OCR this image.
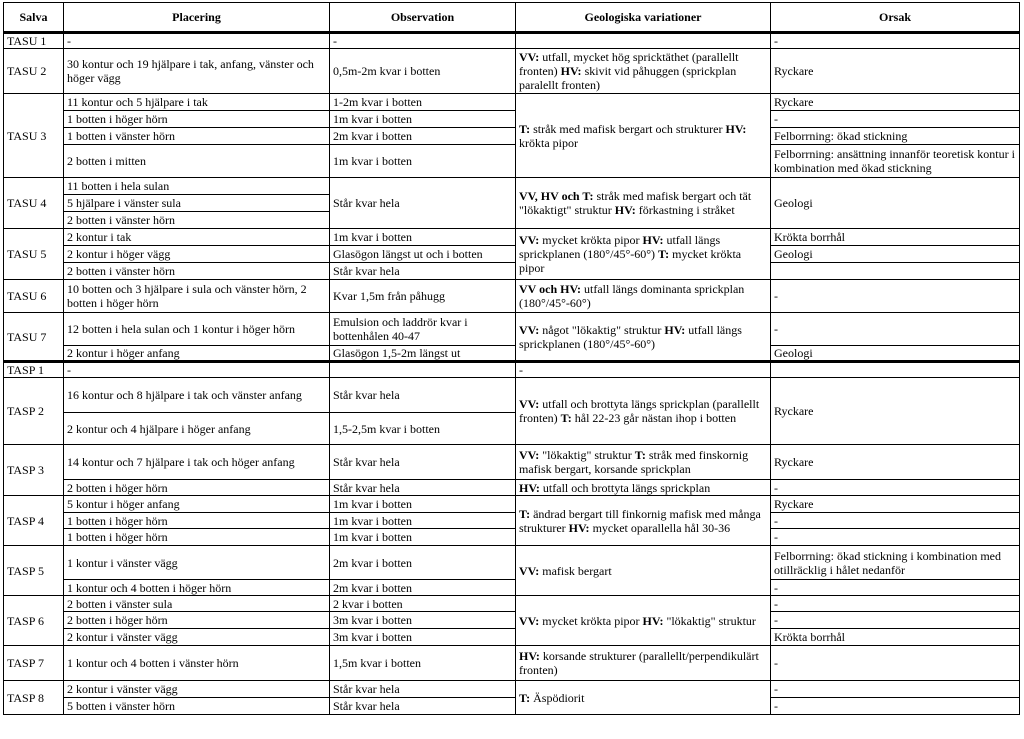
Salva	Placering	Observation	Geologiska variationer	Orsak
TASU 1	-	-		-
TASU 2	30 kontur och 19 hjälpare i tak, anfang, vänster och höger vägg	0,5m-2m kvar i botten	VV: utfall, mycket hög spricktäthet (parallellt fronten) HV: skivit vid påhuggen (sprickplan paralellt fronten)	Ryckare
TASU 3	11 kontur och 5 hjälpare i tak	1-2m kvar i botten	T: stråk med mafisk bergart och strukturer HV: krökta pipor	Ryckare
	1 botten i höger hörn	1m kvar i botten		-
	1 botten i vänster hörn	2m kvar i botten		Felborrning: ökad stickning
	2 botten i mitten	1m kvar i botten		Felborrning: ansättning innanför teoretisk kontur i kombination med ökad stickning
TASU 4	11 botten i hela sulan	Står kvar hela	VV, HV och T: stråk med mafisk bergart och tät "lökaktigt" struktur HV: förkastning i stråket	Geologi
	5 hjälpare i vänster sula			
	2 botten i vänster hörn			
TASU 5	2 kontur i tak	1m kvar i botten	VV: mycket krökta pipor HV: utfall längs sprickplanen (180°/45°-60°) T: mycket krökta pipor	Krökta borrhål
	2 kontur i höger vägg	Glasögon längst ut och i botten		Geologi
	2 botten i vänster hörn	Står kvar hela		
TASU 6	10 botten och 3 hjälpare i sula och vänster hörn, 2 botten i höger hörn	Kvar 1,5m från påhugg	VV och HV: utfall längs dominanta sprickplan (180°/45°-60°)	-
TASU 7	12 botten i hela sulan och 1 kontur i höger hörn	Emulsion och laddrör kvar i bottenhålen 40-47	VV: något "lökaktig" struktur HV: utfall längs sprickplanen (180°/45°-60°)	-
	2 kontur i höger anfang	Glasögon 1,5-2m längst ut		Geologi
TASP 1	-		-	
TASP 2	16 kontur och 8 hjälpare i tak och vänster anfang	Står kvar hela	VV: utfall och brottyta längs sprickplan (parallellt fronten) T: hål 22-23 går nästan ihop i botten	Ryckare
	2 kontur och 4 hjälpare i höger anfang	1,5-2,5m kvar i botten		
TASP 3	14 kontur och 7 hjälpare i tak och höger anfang	Står kvar hela	VV: "lökaktig" struktur T: stråk med finskornig mafisk bergart, korsande sprickplan	Ryckare
	2 botten i höger hörn	Står kvar hela	HV: utfall och brottyta längs sprickplan	-
TASP 4	5 kontur i höger anfang	1m kvar i botten	T: ändrad bergart till finkornig mafisk med många strukturer HV: mycket oparallella hål 30-36	Ryckare
	1 botten i höger hörn	1m kvar i botten		-
	1 botten i höger hörn	1m kvar i botten		-
TASP 5	1 kontur i vänster vägg	2m kvar i botten	VV: mafisk bergart	Felborrning: ökad stickning i kombination med otillräcklig i hålet nedanför
	1 kontur och 4 botten i höger hörn	2m kvar i botten		-
TASP 6	2 botten i vänster sula	2 kvar i botten	VV: mycket krökta pipor HV: "lökaktig" struktur	-
	2 botten i höger hörn	3m kvar i botten		-
	2 kontur i vänster vägg	3m kvar i botten		Krökta borrhål
TASP 7	1 kontur och 4 botten i vänster hörn	1,5m kvar i botten	HV: korsande strukturer (parallellt/perpendikulärt fronten)	-
TASP 8	2 kontur i vänster vägg	Står kvar hela	T: Äspödiorit	-
	5 botten i vänster hörn	Står kvar hela		-
